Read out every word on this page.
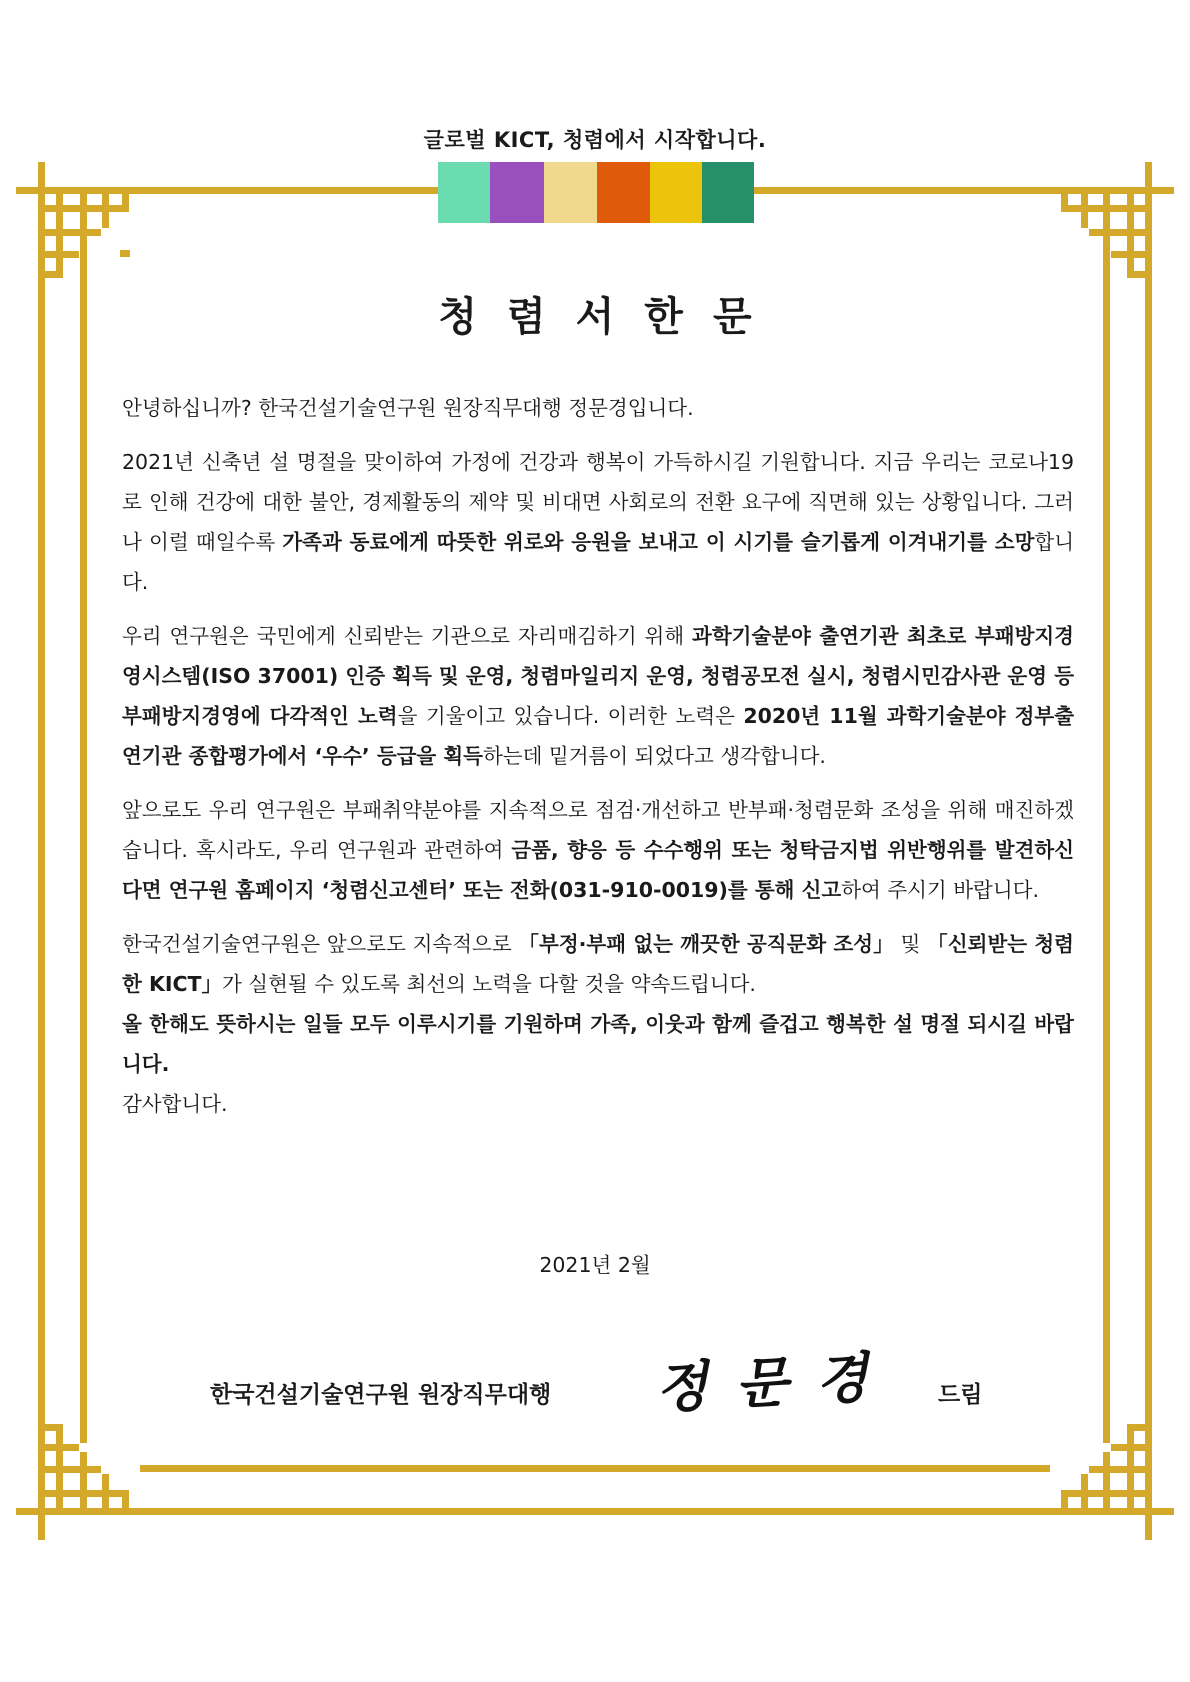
글로벌 KICT, 청렴에서 시작합니다.
청렴서한문

안녕하십니까? 한국건설기술연구원 원장직무대행 정문경입니다.

2021년 신축년 설 명절을 맞이하여 가정에 건강과 행복이 가득하시길 기원합니다. 지금 우리는 코로나19로 인해 건강에 대한 불안, 경제활동의 제약 및 비대면 사회로의 전환 요구에 직면해 있는 상황입니다. 그러나 이럴 때일수록 가족과 동료에게 따뜻한 위로와 응원을 보내고 이 시기를 슬기롭게 이겨내기를 소망합니다.

우리 연구원은 국민에게 신뢰받는 기관으로 자리매김하기 위해 과학기술분야 출연기관 최초로 부패방지경영시스템(ISO 37001) 인증 획득 및 운영, 청렴마일리지 운영, 청렴공모전 실시, 청렴시민감사관 운영 등 부패방지경영에 다각적인 노력을 기울이고 있습니다. 이러한 노력은 2020년 11월 과학기술분야 정부출연기관 종합평가에서 ‘우수’ 등급을 획득하는데 밑거름이 되었다고 생각합니다.

앞으로도 우리 연구원은 부패취약분야를 지속적으로 점검·개선하고 반부패·청렴문화 조성을 위해 매진하겠습니다. 혹시라도, 우리 연구원과 관련하여 금품, 향응 등 수수행위 또는 청탁금지법 위반행위를 발견하신다면 연구원 홈페이지 ‘청렴신고센터’ 또는 전화(031-910-0019)를 통해 신고하여 주시기 바랍니다.

한국건설기술연구원은 앞으로도 지속적으로 「부정·부패 없는 깨끗한 공직문화 조성」 및 「신뢰받는 청렴한 KICT」가 실현될 수 있도록 최선의 노력을 다할 것을 약속드립니다.

올 한해도 뜻하시는 일들 모두 이루시기를 기원하며 가족, 이웃과 함께 즐겁고 행복한 설 명절 되시길 바랍니다.

감사합니다.

2021년 2월
한국건설기술연구원 원장직무대행 정문경 드림
